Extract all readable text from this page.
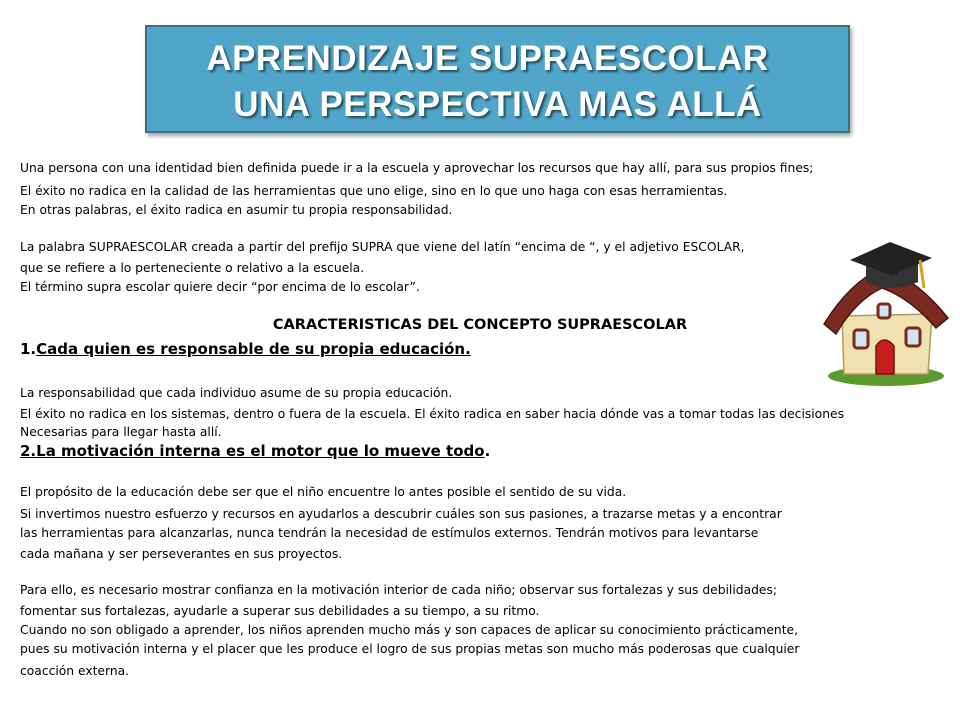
APRENDIZAJE SUPRAESCOLAR
UNA PERSPECTIVA MAS ALLÁ
Una persona con una identidad bien definida puede ir a la escuela y aprovechar los recursos que hay allí, para sus propios fines;
El éxito no radica en la calidad de las herramientas que uno elige, sino en lo que uno haga con esas herramientas.
En otras palabras, el éxito radica en asumir tu propia responsabilidad.
La palabra SUPRAESCOLAR creada a partir del prefijo SUPRA que viene del latín “encima de “, y el adjetivo ESCOLAR,
que se refiere a lo perteneciente o relativo a la escuela.
El término supra escolar quiere decir “por encima de lo escolar”.
CARACTERISTICAS DEL CONCEPTO SUPRAESCOLAR
1.Cada quien es responsable de su propia educación.
La responsabilidad que cada individuo asume de su propia educación.
El éxito no radica en los sistemas, dentro o fuera de la escuela. El éxito radica en saber hacia dónde vas a tomar todas las decisiones
Necesarias para llegar hasta allí.
2.La motivación interna es el motor que lo mueve todo.
El propósito de la educación debe ser que el niño encuentre lo antes posible el sentido de su vida.
Si invertimos nuestro esfuerzo y recursos en ayudarlos a descubrir cuáles son sus pasiones, a trazarse metas y a encontrar
las herramientas para alcanzarlas, nunca tendrán la necesidad de estímulos externos. Tendrán motivos para levantarse
cada mañana y ser perseverantes en sus proyectos.
Para ello, es necesario mostrar confianza en la motivación interior de cada niño; observar sus fortalezas y sus debilidades;
fomentar sus fortalezas, ayudarle a superar sus debilidades a su tiempo, a su ritmo.
Cuando no son obligado a aprender, los niños aprenden mucho más y son capaces de aplicar su conocimiento prácticamente,
pues su motivación interna y el placer que les produce el logro de sus propias metas son mucho más poderosas que cualquier
coacción externa.
